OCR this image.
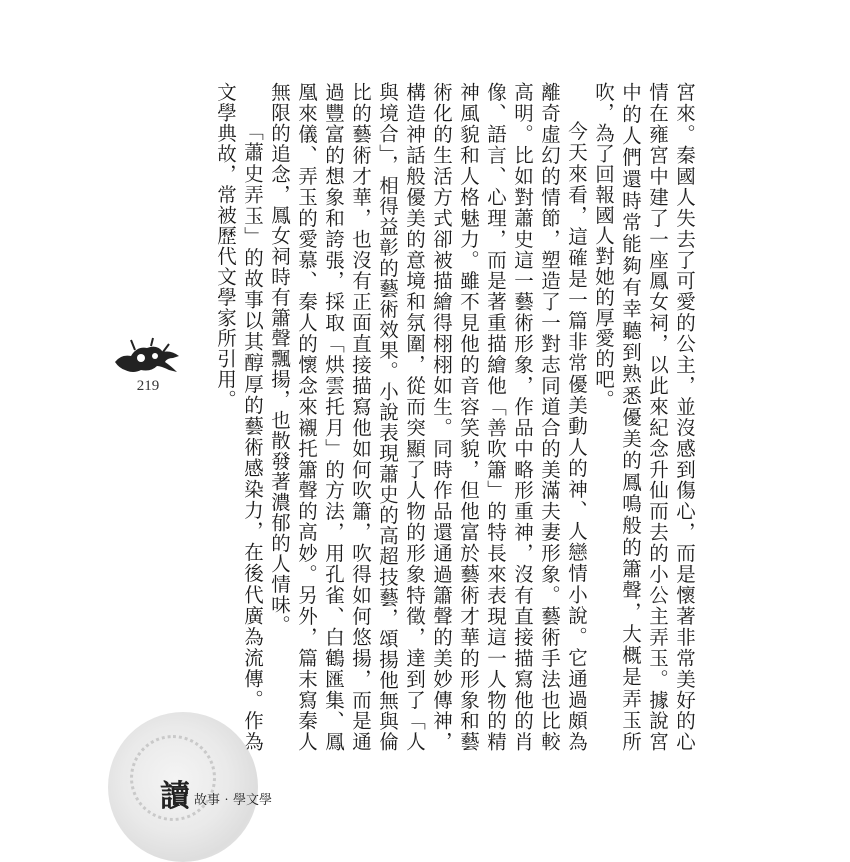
宮來。秦國人失去了可愛的公主，並沒感到傷心，而是懷著非常美好的心情在雍宮中建了一座鳳女祠，以此來紀念升仙而去的小公主弄玉。據說宮中的人們還時常能夠有幸聽到熟悉優美的鳳鳴般的簫聲，大概是弄玉所吹，為了回報國人對她的厚愛的吧。

今天來看，這確是一篇非常優美動人的神、人戀情小說。它通過頗為離奇虛幻的情節，塑造了一對志同道合的美滿夫妻形象。藝術手法也比較高明。比如對蕭史這一藝術形象，作品中略形重神，沒有直接描寫他的肖像、語言、心理，而是著重描繪他「善吹簫」的特長來表現這一人物的精神風貌和人格魅力。雖不見他的音容笑貌，但他富於藝術才華的形象和藝術化的生活方式卻被描繪得栩栩如生。同時作品還通過簫聲的美妙傳神，構造神話般優美的意境和氛圍，從而突顯了人物的形象特徵，達到了「人與境合」，相得益彰的藝術效果。小說表現蕭史的高超技藝，頌揚他無與倫比的藝術才華，也沒有正面直接描寫他如何吹簫，吹得如何悠揚，而是通過豐富的想象和誇張，採取「烘雲托月」的方法，用孔雀、白鶴匯集、鳳凰來儀、弄玉的愛慕、秦人的懷念來襯托簫聲的高妙。另外，篇末寫秦人無限的追念，鳳女祠時有簫聲飄揚，也散發著濃郁的人情味。

「蕭史弄玉」的故事以其醇厚的藝術感染力，在後代廣為流傳。作為文學典故，常被歷代文學家所引用。

219
讀 故事‧學文學
